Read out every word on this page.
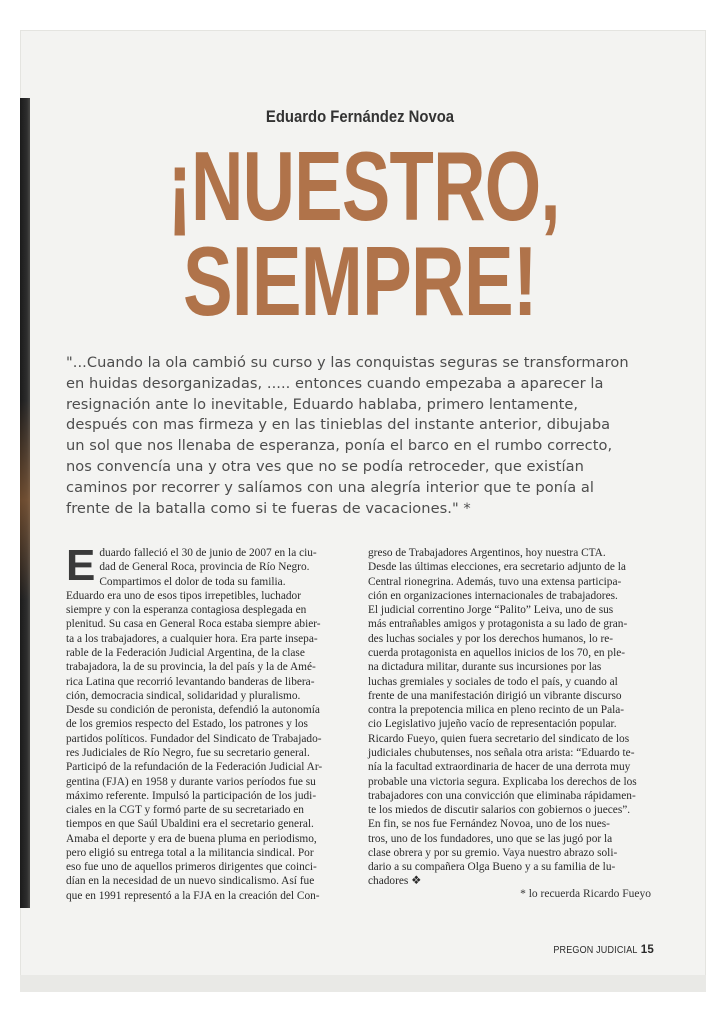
Eduardo Fernández Novoa
¡NUESTRO,
SIEMPRE!
"...Cuando la ola cambió su curso y las conquistas seguras se transformaron
en huidas desorganizadas, ..... entonces cuando empezaba a aparecer la
resignación ante lo inevitable, Eduardo hablaba, primero lentamente,
después con mas firmeza y en las tinieblas del instante anterior, dibujaba
un sol que nos llenaba de esperanza, ponía el barco en el rumbo correcto,
nos convencía una y otra ves que no se podía retroceder, que existían
caminos por recorrer y salíamos con una alegría interior que te ponía al
frente de la batalla como si te fueras de vacaciones." *
E duardo falleció el 30 de junio de 2007 en la ciu-
dad de General Roca, provincia de Río Negro.
Compartimos el dolor de toda su familia.
Eduardo era uno de esos tipos irrepetibles, luchador
siempre y con la esperanza contagiosa desplegada en
plenitud. Su casa en General Roca estaba siempre abier-
ta a los trabajadores, a cualquier hora. Era parte insepa-
rable de la Federación Judicial Argentina, de la clase
trabajadora, la de su provincia, la del país y la de Amé-
rica Latina que recorrió levantando banderas de libera-
ción, democracia sindical, solidaridad y pluralismo.
Desde su condición de peronista, defendió la autonomía
de los gremios respecto del Estado, los patrones y los
partidos políticos. Fundador del Sindicato de Trabajado-
res Judiciales de Río Negro, fue su secretario general.
Participó de la refundación de la Federación Judicial Ar-
gentina (FJA) en 1958 y durante varios períodos fue su
máximo referente. Impulsó la participación de los judi-
ciales en la CGT y formó parte de su secretariado en
tiempos en que Saúl Ubaldini era el secretario general.
Amaba el deporte y era de buena pluma en periodismo,
pero eligió su entrega total a la militancia sindical. Por
eso fue uno de aquellos primeros dirigentes que coinci-
dían en la necesidad de un nuevo sindicalismo. Así fue
que en 1991 representó a la FJA en la creación del Con-
greso de Trabajadores Argentinos, hoy nuestra CTA.
Desde las últimas elecciones, era secretario adjunto de la
Central rionegrina. Además, tuvo una extensa participa-
ción en organizaciones internacionales de trabajadores.
El judicial correntino Jorge “Palito” Leiva, uno de sus
más entrañables amigos y protagonista a su lado de gran-
des luchas sociales y por los derechos humanos, lo re-
cuerda protagonista en aquellos inicios de los 70, en ple-
na dictadura militar, durante sus incursiones por las
luchas gremiales y sociales de todo el país, y cuando al
frente de una manifestación dirigió un vibrante discurso
contra la prepotencia milica en pleno recinto de un Pala-
cio Legislativo jujeño vacío de representación popular.
Ricardo Fueyo, quien fuera secretario del sindicato de los
judiciales chubutenses, nos señala otra arista: “Eduardo te-
nía la facultad extraordinaria de hacer de una derrota muy
probable una victoria segura. Explicaba los derechos de los
trabajadores con una convicción que eliminaba rápidamen-
te los miedos de discutir salarios con gobiernos o jueces”.
En fin, se nos fue Fernández Novoa, uno de los nues-
tros, uno de los fundadores, uno que se las jugó por la
clase obrera y por su gremio. Vaya nuestro abrazo soli-
dario a su compañera Olga Bueno y a su familia de lu-
chadores ❖
* lo recuerda Ricardo Fueyo
PREGON JUDICIAL 15
